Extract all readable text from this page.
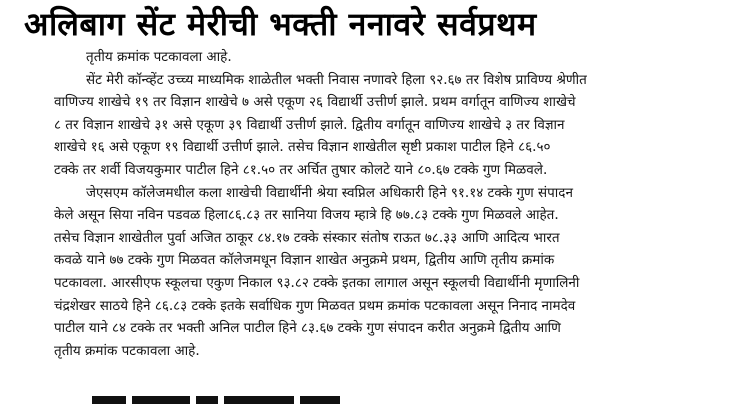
अलिबाग सेंट मेरीची भक्ती ननावरे सर्वप्रथम
तृतीय क्रमांक पटकावला आहे.
सेंट मेरी कॉन्व्हेंट उच्च्य माध्यमिक शाळेतील भक्ती निवास नणावरे हिला ९२.६७ तर विशेष प्राविण्य श्रेणीत
वाणिज्य शाखेचे १९ तर विज्ञान शाखेचे ७ असे एकूण २६ विद्यार्थी उत्तीर्ण झाले. प्रथम वर्गातून वाणिज्य शाखेचे
८ तर विज्ञान शाखेचे ३१ असे एकूण ३९ विद्यार्थी उत्तीर्ण झाले. द्वितीय वर्गातून वाणिज्य शाखेचे ३ तर विज्ञान
शाखेचे १६ असे एकूण १९ विद्यार्थी उत्तीर्ण झाले. तसेच विज्ञान शाखेतील सृष्टी प्रकाश पाटील हिने ८६.५०
टक्के तर शर्वी विजयकुमार पाटील हिने ८१.५० तर अर्चित तुषार कोलटे याने ८०.६७ टक्के गुण मिळवले.
जेएसएम कॉलेजमधील कला शाखेची विद्यार्थीनी श्रेया स्वप्निल अधिकारी हिने ९१.१४ टक्के गुण संपादन
केले असून सिया नविन पडवळ हिला८६.८३ तर सानिया विजय म्हात्रे हि ७७.८३ टक्के गुण मिळवले आहेत.
तसेच विज्ञान शाखेतील पुर्वा अजित ठाकूर ८४.१७ टक्के संस्कार संतोष राऊत ७८.३३ आणि आदित्य भारत
कवळे याने ७७ टक्के गुण मिळवत कॉलेजमधून विज्ञान शाखेत अनुक्रमे प्रथम, द्वितीय आणि तृतीय क्रमांक
पटकावला. आरसीएफ स्कूलचा एकुण निकाल ९३.८२ टक्के इतका लागाल असून स्कूलची विद्यार्थीनी मृणालिनी
चंद्रशेखर साठये हिने ८६.८३ टक्के इतके सर्वाधिक गुण मिळवत प्रथम क्रमांक पटकावला असून निनाद नामदेव
पाटील याने ८४ टक्के तर भक्ती अनिल पाटील हिने ८३.६७ टक्के गुण संपादन करीत अनुक्रमे द्वितीय आणि
तृतीय क्रमांक पटकावला आहे.
